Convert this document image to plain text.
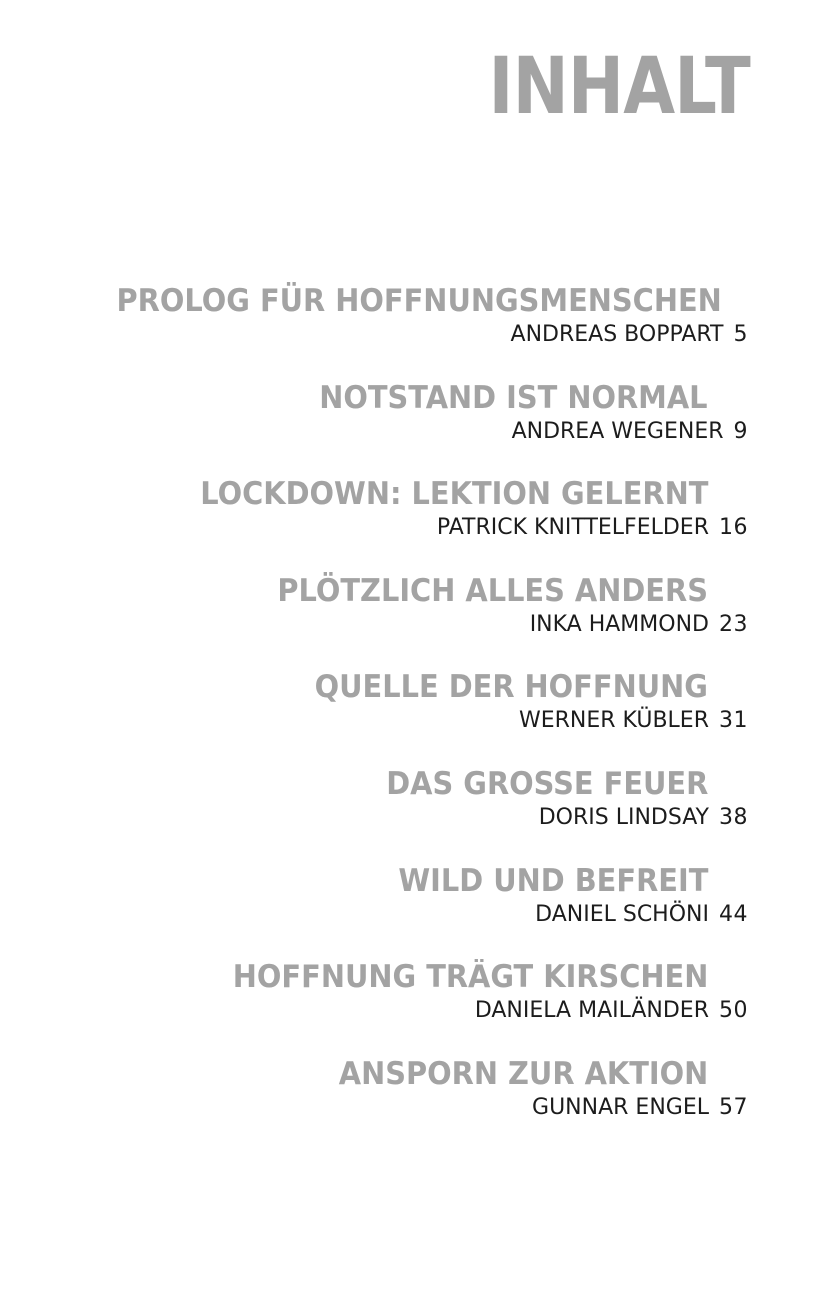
INHALT
PROLOG FÜR HOFFNUNGSMENSCHEN
ANDREAS BOPPART 5
NOTSTAND IST NORMAL
ANDREA WEGENER 9
LOCKDOWN: LEKTION GELERNT
PATRICK KNITTELFELDER 16
PLÖTZLICH ALLES ANDERS
INKA HAMMOND 23
QUELLE DER HOFFNUNG
WERNER KÜBLER 31
DAS GROSSE FEUER
DORIS LINDSAY 38
WILD UND BEFREIT
DANIEL SCHÖNI 44
HOFFNUNG TRÄGT KIRSCHEN
DANIELA MAILÄNDER 50
ANSPORN ZUR AKTION
GUNNAR ENGEL 57
